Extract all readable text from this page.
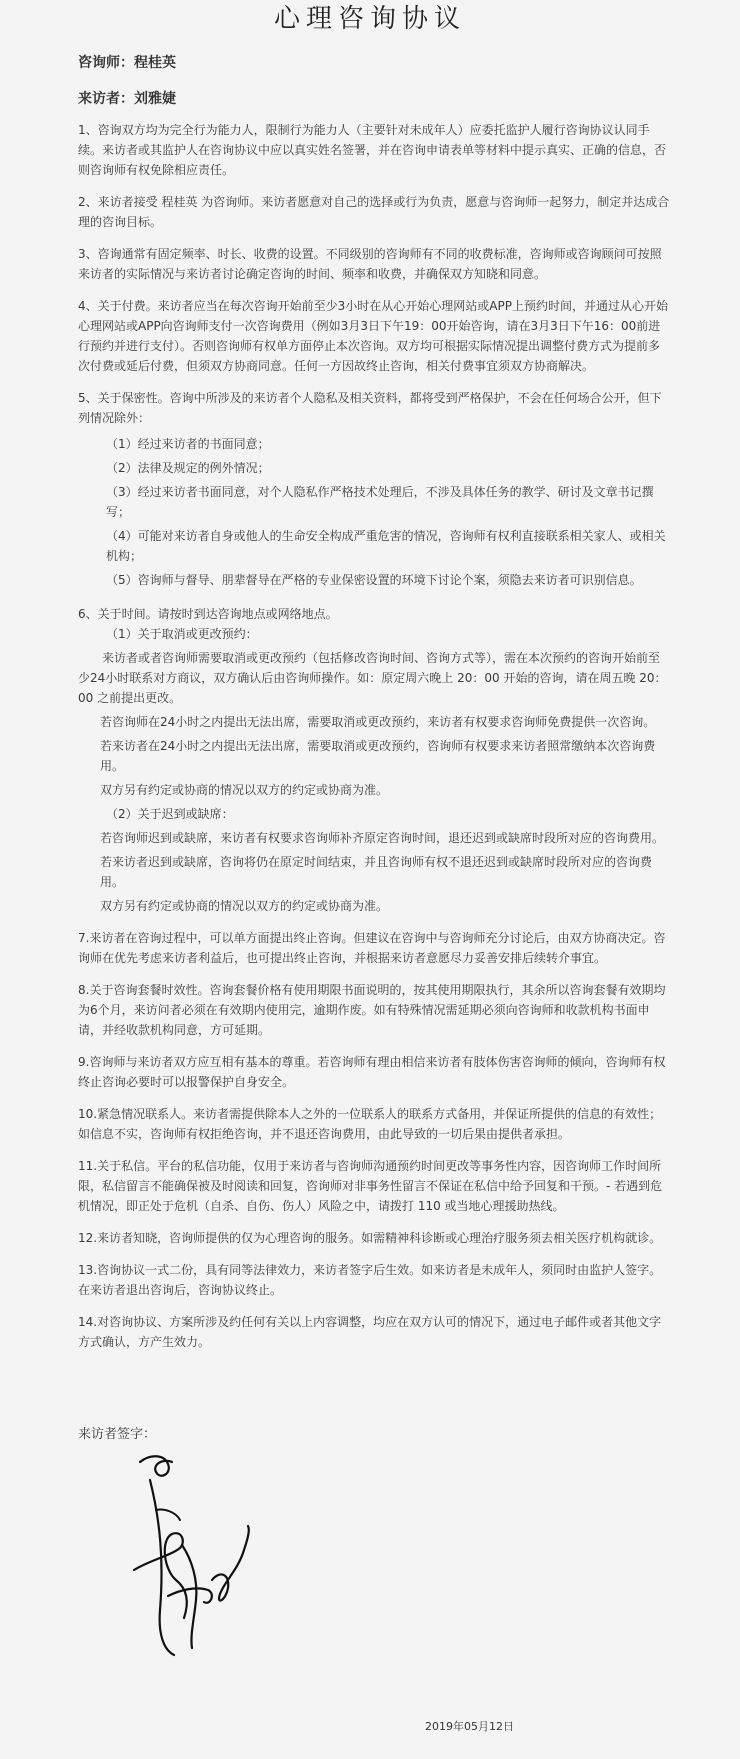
心理咨询协议
咨询师：程桂英
来访者：刘雅婕

1、咨询双方均为完全行为能力人，限制行为能力人（主要针对未成年人）应委托监护人履行咨询协议认同手续。来访者或其监护人在咨询协议中应以真实姓名签署，并在咨询申请表单等材料中提示真实、正确的信息，否则咨询师有权免除相应责任。

2、来访者接受 程桂英 为咨询师。来访者愿意对自己的选择或行为负责，愿意与咨询师一起努力，制定并达成合理的咨询目标。

3、咨询通常有固定频率、时长、收费的设置。不同级别的咨询师有不同的收费标准，咨询师或咨询顾问可按照来访者的实际情况与来访者讨论确定咨询的时间、频率和收费，并确保双方知晓和同意。

4、关于付费。来访者应当在每次咨询开始前至少3小时在从心开始心理网站或APP上预约时间，并通过从心开始心理网站或APP向咨询师支付一次咨询费用（例如3月3日下午19：00开始咨询，请在3月3日下午16：00前进行预约并进行支付）。否则咨询师有权单方面停止本次咨询。双方均可根据实际情况提出调整付费方式为提前多次付费或延后付费，但须双方协商同意。任何一方因故终止咨询，相关付费事宜须双方协商解决。

5、关于保密性。咨询中所涉及的来访者个人隐私及相关资料，都将受到严格保护，不会在任何场合公开，但下列情况除外：

（1）经过来访者的书面同意；

（2）法律及规定的例外情况；

（3）经过来访者书面同意，对个人隐私作严格技术处理后，不涉及具体任务的教学、研讨及文章书记撰写；

（4）可能对来访者自身或他人的生命安全构成严重危害的情况，咨询师有权利直接联系相关家人、或相关机构；

（5）咨询师与督导、朋辈督导在严格的专业保密设置的环境下讨论个案，须隐去来访者可识别信息。

6、关于时间。请按时到达咨询地点或网络地点。

（1）关于取消或更改预约：

来访者或者咨询师需要取消或更改预约（包括修改咨询时间、咨询方式等），需在本次预约的咨询开始前至少24小时联系对方商议，双方确认后由咨询师操作。如：原定周六晚上 20：00 开始的咨询，请在周五晚 20：00 之前提出更改。

若咨询师在24小时之内提出无法出席，需要取消或更改预约，来访者有权要求咨询师免费提供一次咨询。

若来访者在24小时之内提出无法出席，需要取消或更改预约，咨询师有权要求来访者照常缴纳本次咨询费用。

双方另有约定或协商的情况以双方的约定或协商为准。

（2）关于迟到或缺席：

若咨询师迟到或缺席，来访者有权要求咨询师补齐原定咨询时间，退还迟到或缺席时段所对应的咨询费用。

若来访者迟到或缺席，咨询将仍在原定时间结束，并且咨询师有权不退还迟到或缺席时段所对应的咨询费用。

双方另有约定或协商的情况以双方的约定或协商为准。

7.来访者在咨询过程中，可以单方面提出终止咨询。但建议在咨询中与咨询师充分讨论后，由双方协商决定。咨询师在优先考虑来访者利益后，也可提出终止咨询，并根据来访者意愿尽力妥善安排后续转介事宜。

8.关于咨询套餐时效性。咨询套餐价格有使用期限书面说明的，按其使用期限执行，其余所以咨询套餐有效期均为6个月，来访问者必须在有效期内使用完，逾期作废。如有特殊情况需延期必须向咨询师和收款机构书面申请，并经收款机构同意，方可延期。

9.咨询师与来访者双方应互相有基本的尊重。若咨询师有理由相信来访者有肢体伤害咨询师的倾向，咨询师有权终止咨询必要时可以报警保护自身安全。

10.紧急情况联系人。来访者需提供除本人之外的一位联系人的联系方式备用，并保证所提供的信息的有效性；如信息不实，咨询师有权拒绝咨询，并不退还咨询费用，由此导致的一切后果由提供者承担。

11.关于私信。平台的私信功能，仅用于来访者与咨询师沟通预约时间更改等事务性内容，因咨询师工作时间所限，私信留言不能确保被及时阅读和回复，咨询师对非事务性留言不保证在私信中给予回复和干预。- 若遇到危机情况，即正处于危机（自杀、自伤、伤人）风险之中，请拨打 110 或当地心理援助热线。

12.来访者知晓，咨询师提供的仅为心理咨询的服务。如需精神科诊断或心理治疗服务须去相关医疗机构就诊。

13.咨询协议一式二份，具有同等法律效力，来访者签字后生效。如来访者是未成年人，须同时由监护人签字。在来访者退出咨询后，咨询协议终止。

14.对咨询协议、方案所涉及约任何有关以上内容调整，均应在双方认可的情况下，通过电子邮件或者其他文字方式确认，方产生效力。

来访者签字：
2019年05月12日
